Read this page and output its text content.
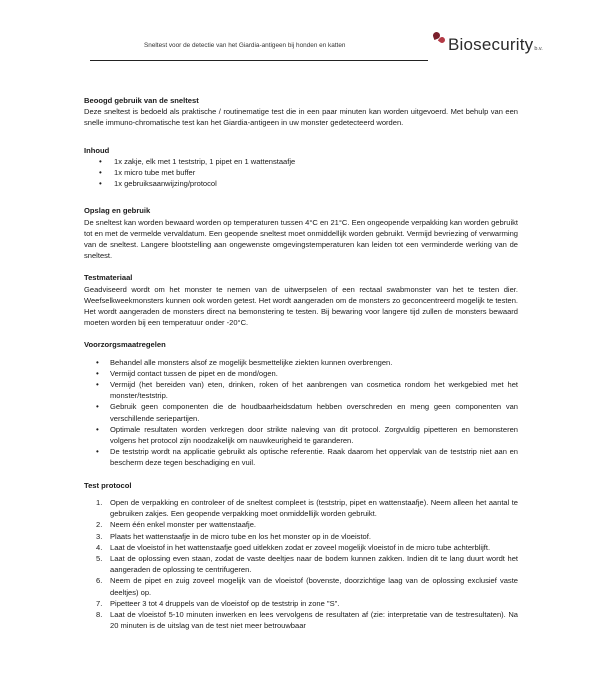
Sneltest voor de detectie van het Giardia-antigeen bij honden en katten	Biosecurity b.v.
Beoogd gebruik van de sneltest

Deze sneltest is bedoeld als praktische / routinematige test die in een paar minuten kan worden uitgevoerd. Met behulp van een snelle immuno-chromatische test kan het Giardia-antigeen in uw monster gedetecteerd worden.

Inhoud
• 1x zakje, elk met 1 teststrip, 1 pipet en 1 wattenstaafje
• 1x micro tube met buffer
• 1x gebruiksaanwijzing/protocol
Opslag en gebruik

De sneltest kan worden bewaard worden op temperaturen tussen 4°C en 21°C. Een ongeopende verpakking kan worden gebruikt tot en met de vermelde vervaldatum. Een geopende sneltest moet onmiddellijk worden gebruikt. Vermijd bevriezing of verwarming van de sneltest. Langere blootstelling aan ongewenste omgevingstemperaturen kan leiden tot een verminderde werking van de sneltest.

Testmateriaal

Geadviseerd wordt om het monster te nemen van de uitwerpselen of een rectaal swabmonster van het te testen dier. Weefselkweekmonsters kunnen ook worden getest. Het wordt aangeraden om de monsters zo geconcentreerd mogelijk te testen. Het wordt aangeraden de monsters direct na bemonstering te testen. Bij bewaring voor langere tijd zullen de monsters bewaard moeten worden bij een temperatuur onder -20°C.

Voorzorgsmaatregelen
• Behandel alle monsters alsof ze mogelijk besmettelijke ziekten kunnen overbrengen.
• Vermijd contact tussen de pipet en de mond/ogen.
• Vermijd (het bereiden van) eten, drinken, roken of het aanbrengen van cosmetica rondom het werkgebied met het monster/teststrip.
• Gebruik geen componenten die de houdbaarheidsdatum hebben overschreden en meng geen componenten van verschillende seriepartijen.
• Optimale resultaten worden verkregen door strikte naleving van dit protocol. Zorgvuldig pipetteren en bemonsteren volgens het protocol zijn noodzakelijk om nauwkeurigheid te garanderen.
• De teststrip wordt na applicatie gebruikt als optische referentie. Raak daarom het oppervlak van de teststrip niet aan en bescherm deze tegen beschadiging en vuil.
Test protocol
1. Open de verpakking en controleer of de sneltest compleet is (teststrip, pipet en wattenstaafje). Neem alleen het aantal te gebruiken zakjes. Een geopende verpakking moet onmiddellijk worden gebruikt.
2. Neem één enkel monster per wattenstaafje.
3. Plaats het wattenstaafje in de micro tube en los het monster op in de vloeistof.
4. Laat de vloeistof in het wattenstaafje goed uitlekken zodat er zoveel mogelijk vloeistof in de micro tube achterblijft.
5. Laat de oplossing even staan, zodat de vaste deeltjes naar de bodem kunnen zakken. Indien dit te lang duurt wordt het aangeraden de oplossing te centrifugeren.
6. Neem de pipet en zuig zoveel mogelijk van de vloeistof (bovenste, doorzichtige laag van de oplossing exclusief vaste deeltjes) op.
7. Pipetteer 3 tot 4 druppels van de vloeistof op de teststrip in zone "S".
8. Laat de vloeistof 5-10 minuten inwerken en lees vervolgens de resultaten af (zie: interpretatie van de testresultaten). Na 20 minuten is de uitslag van de test niet meer betrouwbaar
